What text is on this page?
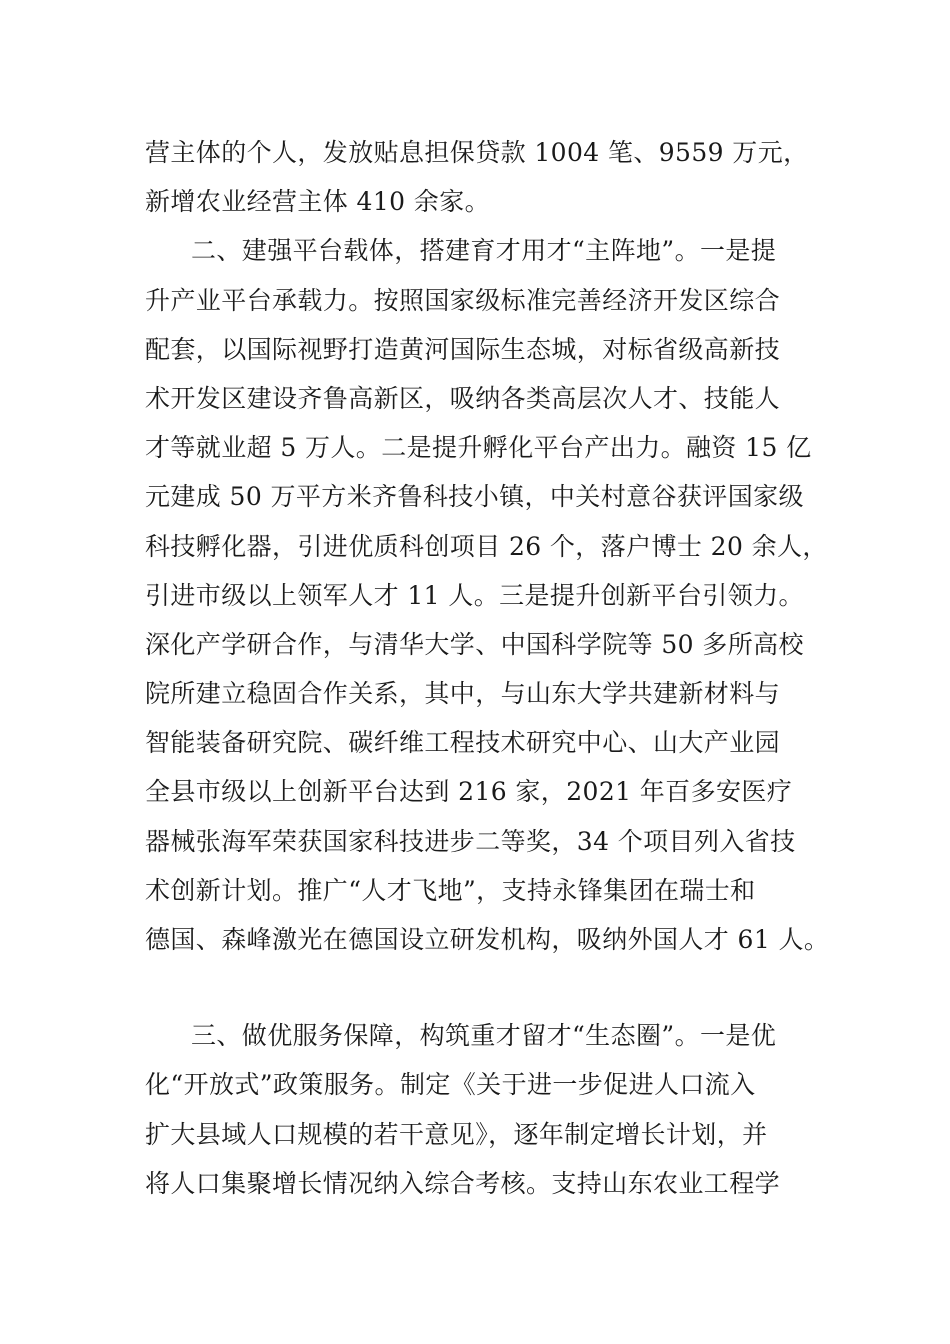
营主体的个人，发放贴息担保贷款 1004 笔、9559 万元，
新增农业经营主体 410 余家。
二、建强平台载体，搭建育才用才“主阵地”。一是提
升产业平台承载力。按照国家级标准完善经济开发区综合
配套，以国际视野打造黄河国际生态城，对标省级高新技
术开发区建设齐鲁高新区，吸纳各类高层次人才、技能人
才等就业超 5 万人。二是提升孵化平台产出力。融资 15 亿
元建成 50 万平方米齐鲁科技小镇，中关村意谷获评国家级
科技孵化器，引进优质科创项目 26 个，落户博士 20 余人，
引进市级以上领军人才 11 人。三是提升创新平台引领力。
深化产学研合作，与清华大学、中国科学院等 50 多所高校
院所建立稳固合作关系，其中，与山东大学共建新材料与
智能装备研究院、碳纤维工程技术研究中心、山大产业园
全县市级以上创新平台达到 216 家，2021 年百多安医疗
器械张海军荣获国家科技进步二等奖，34 个项目列入省技
术创新计划。推广“人才飞地”，支持永锋集团在瑞士和
德国、森峰激光在德国设立研发机构，吸纳外国人才 61 人。
三、做优服务保障，构筑重才留才“生态圈”。一是优
化“开放式”政策服务。制定《关于进一步促进人口流入
扩大县域人口规模的若干意见》，逐年制定增长计划，并
将人口集聚增长情况纳入综合考核。支持山东农业工程学
